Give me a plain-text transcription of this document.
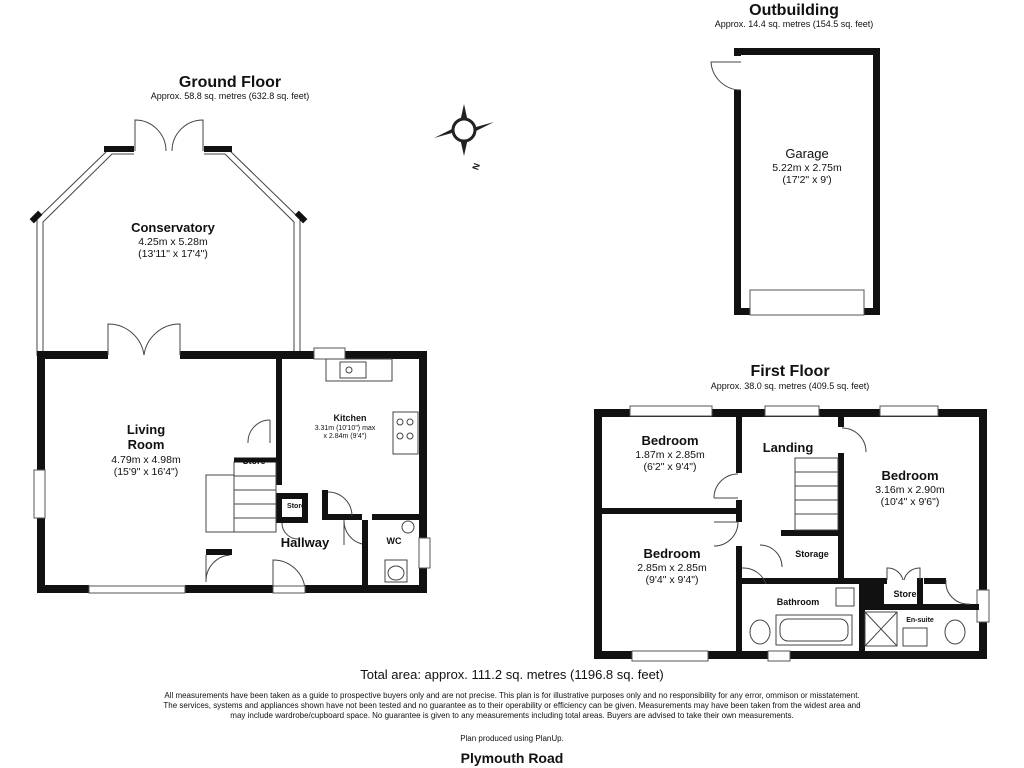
Outbuilding
Approx. 14.4 sq. metres (154.5 sq. feet)
Garage
5.22m x 2.75m
(17'2" x 9')
N
Ground Floor
Approx. 58.8 sq. metres (632.8 sq. feet)
Conservatory
4.25m x 5.28m
(13'11" x 17'4")
Living
Room
4.79m x 4.98m
(15'9" x 16'4")
Kitchen
3.31m (10'10") max
x 2.84m (9'4")
Store
Store
Hallway	WC
First Floor
Approx. 38.0 sq. metres (409.5 sq. feet)
Bedroom
1.87m x 2.85m
(6'2" x 9'4")
Bedroom
2.85m x 2.85m
(9'4" x 9'4")
Bedroom
3.16m x 2.90m
(10'4" x 9'6")
Landing
Storage
Bathroom
Store
En-suite
Total area: approx. 111.2 sq. metres (1196.8 sq. feet)
All measurements have been taken as a guide to prospective buyers only and are not precise. This plan is for illustrative purposes only and no responsibility for any error, ommison or misstatement. The services, systems and appliances shown have not been tested and no guarantee as to their operability or efficiency can be given. Measurements may have been taken from the widest area and may include wardrobe/cupboard space. No guarantee is given to any measurements including total areas. Buyers are advised to take their own measurements.
Plan produced using PlanUp.
Plymouth Road
